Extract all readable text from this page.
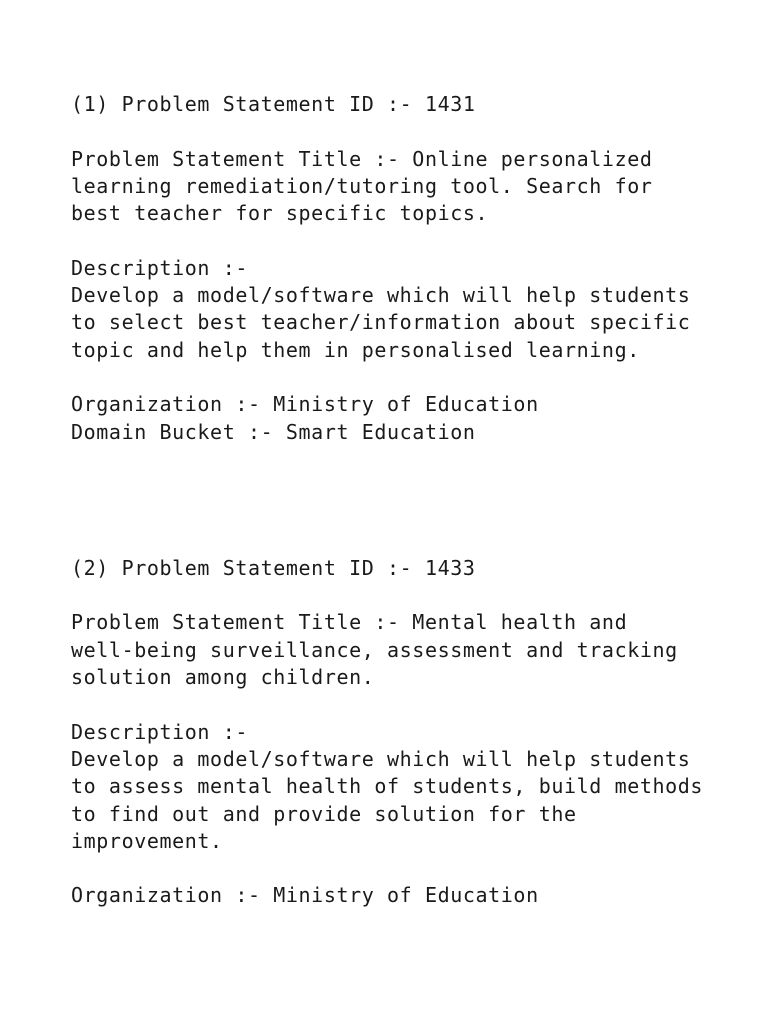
(1) Problem Statement ID :- 1431
Problem Statement Title :- Online personalized
learning remediation/tutoring tool. Search for
best teacher for specific topics.
Description :-
Develop a model/software which will help students
to select best teacher/information about specific
topic and help them in personalised learning.
Organization :- Ministry of Education
Domain Bucket :- Smart Education
(2) Problem Statement ID :- 1433
Problem Statement Title :- Mental health and
well-being surveillance, assessment and tracking
solution among children.
Description :-
Develop a model/software which will help students
to assess mental health of students, build methods
to find out and provide solution for the
improvement.
Organization :- Ministry of Education
